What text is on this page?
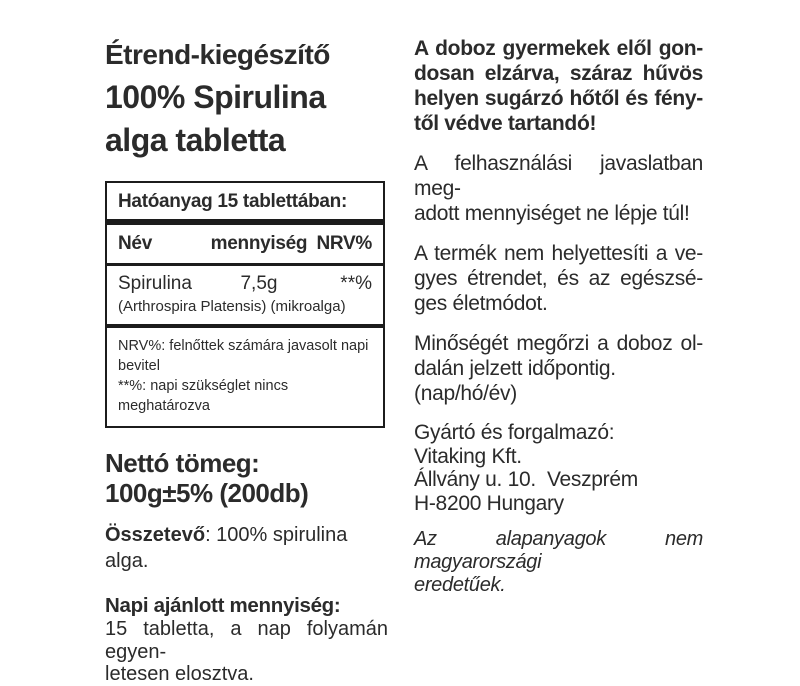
Étrend-kiegészítő
100% Spirulina
alga tabletta
Hatóanyag 15 tablettában:
Név	mennyiség NRV%
Spirulina	7,5g	**%
(Arthrospira Platensis) (mikroalga)
NRV%: felnőttek számára javasolt napi bevitel
**%: napi szükséglet nincs meghatározva
Nettó tömeg:
100g±5% (200db)
Összetevő: 100% spirulina alga.
Napi ajánlott mennyiség:
15 tabletta, a nap folyamán egyen-
letesen elosztva.
A doboz gyermekek elől gon-
dosan elzárva, száraz hűvös
helyen sugárzó hőtől és fény-
től védve tartandó!
A felhasználási javaslatban meg-
adott mennyiséget ne lépje túl!
A termék nem helyettesíti a ve-
gyes étrendet, és az egészsé-
ges életmódot.
Minőségét megőrzi a doboz ol-
dalán jelzett időpontig.
(nap/hó/év)
Gyártó és forgalmazó:
Vitaking Kft.
Állvány u. 10.  Veszprém
H-8200 Hungary
Az alapanyagok nem magyarországi
eredetűek.
